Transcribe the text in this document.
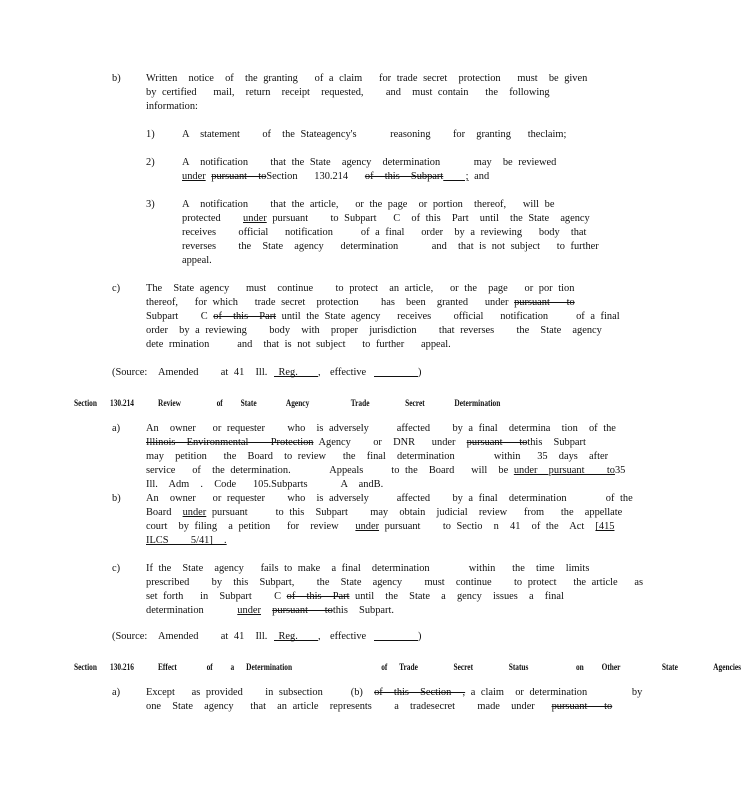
b) Written  notice  of  the granting   of a claim   for trade secret  protection   must  be given
by certified   mail,  return  receipt  requested,    and  must contain   the  following
information:
1)	A  statement    of  the Stateagency's      reasoning    for  granting   theclaim;
2)	A  notification    that the State  agency  determination      may  be reviewed
under pursuant  toSection   130.214   of  this  Subpart    ; and
3)	A  notification    that the article,   or the page  or portion  thereof,   will be
protected    under pursuant    to Subpart   C  of this  Part  until  the State  agency
receives    official   notification     of a final   order  by a reviewing   body  that
reverses    the  State  agency   determination      and  that is not subject   to further
appeal.
c) The  State agency   must  continue    to protect  an article,   or the  page   or por tion
thereof,   for which   trade secret  protection    has  been  granted   under pursuant   to
Subpart    C of  this  Part until the State agency   receives    official   notification     of a final
order  by a reviewing    body  with  proper  jurisdiction    that reverses    the  State  agency
dete rmination     and  that is not subject   to further   appeal.
(Source: Amended    at 41  Ill.  Reg. , effective	)
Section 130.214	Review      of   State     Agency       Trade      Secret     Determination
a) An  owner   or requester    who  is adversely     affected    by a final  determina  tion  of the
Illinois  Environmental    Protection Agency    or  DNR   under  pursuant   tothis  Subpart
may  petition   the  Board  to review   the  final  determination       within   35  days  after
service   of  the determination.       Appeals     to the  Board   will  be under  pursuant    to35
Ill.  Adm  .  Code   105.Subparts      A  andB.
b) An  owner   or requester    who  is adversely     affected    by a final  determination       of the
Board  under pursuant     to this  Subpart    may  obtain  judicial  review   from   the  appellate
court  by filing  a petition   for  review   under pursuant    to Sectio  n  41  of the  Act  [415
ILCS    5/41]  .
c) If the  State  agency   fails to make  a final  determination       within   the  time  limits
prescribed    by  this  Subpart,    the  State  agency    must  continue    to protect   the article   as
set forth   in  Subpart    C of  this  Part until  the  State  a  gency  issues  a  final
determination      under pursuant   tothis  Subpart.
(Source: Amended    at 41  Ill.  Reg. , effective	)
Section 130.216	Effect     of   a  Determination               of  Trade      Secret      Status        on   Other       State      Agencies
a) Except   as provided    in subsection     (b)  of  this  Section  , a claim  or determination        by
one  State  agency   that  an article  represents    a  tradesecret    made  under   pursuant   to
